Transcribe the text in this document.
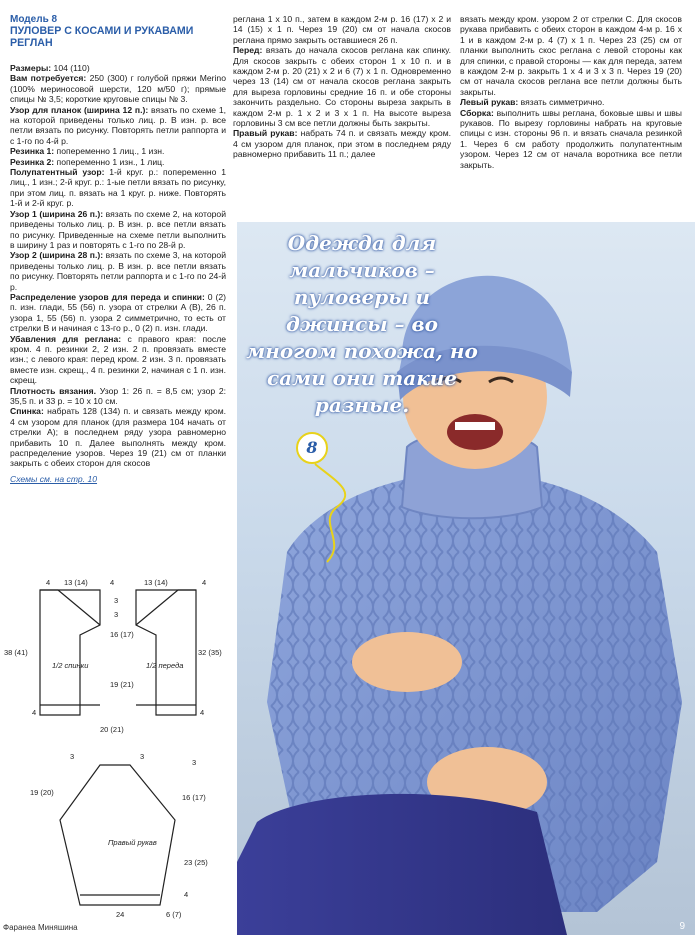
Модель 8
ПУЛОВЕР С КОСАМИ И РУКАВАМИ РЕГЛАН

Размеры: 104 (110)

Вам потребуется: 250 (300) г голубой пряжи Merino (100% мериносовой шерсти, 120 м/50 г); прямые спицы № 3,5; короткие круговые спицы № 3.

Узор для планок (ширина 12 п.): вязать по схеме 1, на которой приведены только лиц. р. В изн. р. все петли вязать по рисунку. Повторять петли раппорта и с 1-го по 4-й р.

Резинка 1: попеременно 1 лиц., 1 изн.

Резинка 2: попеременно 1 изн., 1 лиц.

Полупатентный узор: 1-й круг. р.: попеременно 1 лиц., 1 изн.; 2-й круг. р.: 1-ые петли вязать по рисунку, при этом лиц. п. вязать на 1 круг. р. ниже. Повторять 1-й и 2-й круг. р.

Узор 1 (ширина 26 п.): вязать по схеме 2, на которой приведены только лиц. р. В изн. р. все петли вязать по рисунку. Приведенные на схеме петли выполнить в ширину 1 раз и повторять с 1-го по 28-й р.

Узор 2 (ширина 28 п.): вязать по схеме 3, на которой приведены только лиц. р. В изн. р. все петли вязать по рисунку. Повторять петли раппорта и с 1-го по 24-й р.

Распределение узоров для переда и спинки: 0 (2) п. изн. глади, 55 (56) п. узора от стрелки A (B), 26 п. узора 1, 55 (56) п. узора 2 симметрично, то есть от стрелки B и начиная с 13-го р., 0 (2) п. изн. глади.

Убавления для реглана: с правого края: после кром. 4 п. резинки 2, 2 изн. 2 п. провязать вместе изн.; с левого края: перед кром. 2 изн. 3 п. провязать вместе изн. скрещ., 4 п. резинки 2, начиная с 1 п. изн. скрещ.

Плотность вязания. Узор 1: 26 п. = 8,5 см; узор 2: 35,5 п. и 33 р. = 10 х 10 см.

Спинка: набрать 128 (134) п. и связать между кром. 4 см узором для планок (для размера 104 начать от стрелки A); в последнем ряду узора равномерно прибавить 10 п. Далее выполнять между кром. распределение узоров. Через 19 (21) см от планки закрыть с обеих сторон для скосов

Схемы см. на стр. 10

реглана 1 х 10 п., затем в каждом 2-м р. 16 (17) х 2 и 14 (15) х 1 п. Через 19 (20) см от начала скосов реглана прямо закрыть оставшиеся 26 п.

Перед: вязать до начала скосов реглана как спинку. Для скосов закрыть с обеих сторон 1 х 10 п. и в каждом 2-м р. 20 (21) х 2 и 6 (7) х 1 п. Одновременно через 13 (14) см от начала скосов реглана закрыть для выреза горловины средние 16 п. и обе стороны закончить раздельно. Со стороны выреза закрыть в каждом 2-м р. 1 х 2 и 3 х 1 п. На высоте выреза горловины 3 см все петли должны быть закрыты.

Правый рукав: набрать 74 п. и связать между кром. 4 см узором для планок, при этом в последнем ряду равномерно прибавить 11 п.; далее

вязать между кром. узором 2 от стрелки C. Для скосов рукава прибавить с обеих сторон в каждом 4-м р. 16 х 1 и в каждом 2-м р. 4 (7) х 1 п. Через 23 (25) см от планки выполнить скос реглана с левой стороны как для спинки, с правой стороны — как для переда, затем в каждом 2-м р. закрыть 1 х 4 и 3 х 3 п. Через 19 (20) см от начала скосов реглана все петли должны быть закрыты.

Левый рукав: вязать симметрично.

Сборка: выполнить швы реглана, боковые швы и швы рукавов. По вырезу горловины набрать на круговые спицы с изн. стороны 96 п. и вязать сначала резинкой 1. Через 6 см работу продолжить полупатентным узором. Через 12 см от начала воротника все петли закрыть.

Одежда для мальчиков – пуловеры и джинсы – во многом похожа, но сами они такие разные.
8
4 13 (14)	4	13 (14)	4
3
3
16 (17)
38 (41)	32 (35)
19 (21)
1/2 спинки	1/2 переда
4	4
20 (21)
3	3
3
19 (20)
16 (17)
Правый рукав
23 (25)
4
24	6 (7)
Фаранеа Миняшина	9
